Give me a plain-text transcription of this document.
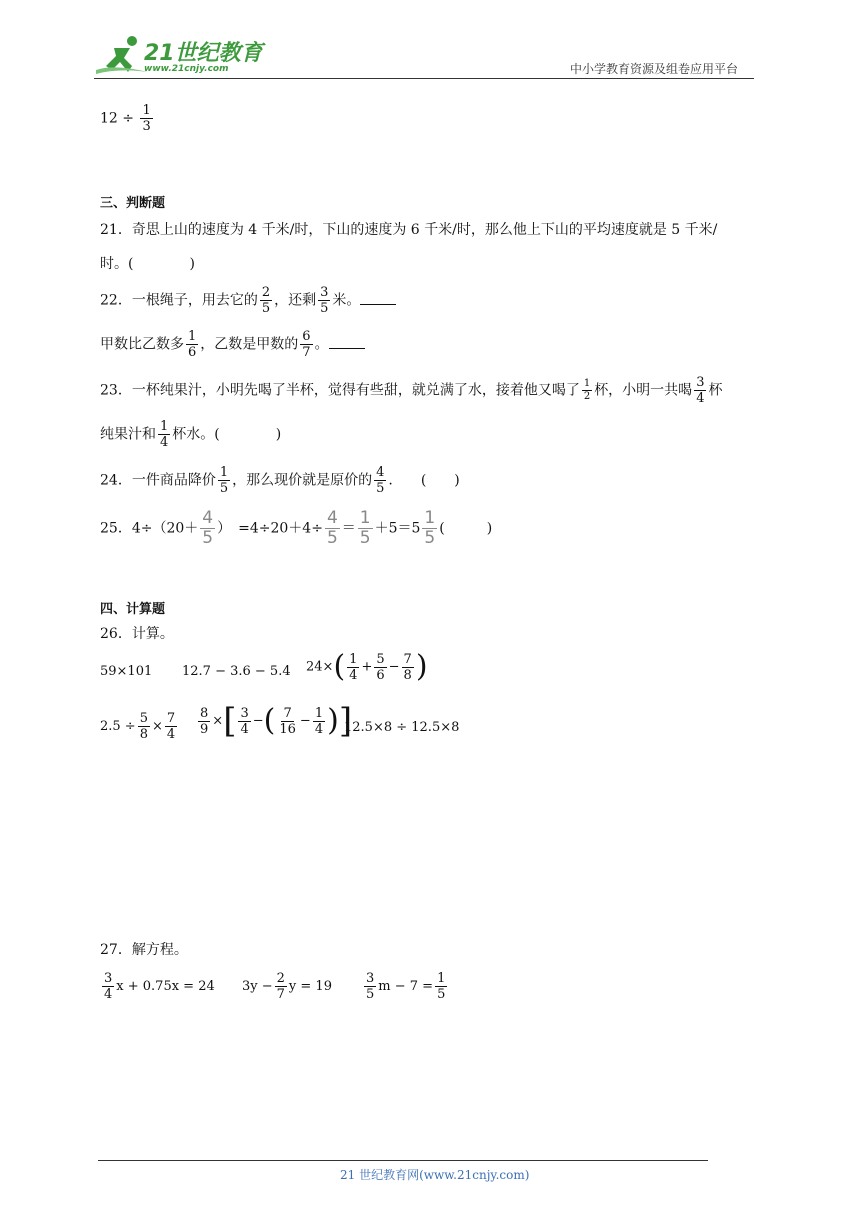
21世纪教育
www.21cnjy.com	中小学教育资源及组卷应用平台
$12 \div \frac{1}{3}$
三、判断题
21．奇思上山的速度为 4 千米/时，下山的速度为 6 千米/时，那么他上下山的平均速度就是 5 千米/
时。(　　　　)
22．一根绳子，用去它的 $\frac{2}{5}$ ，还剩 $\frac{3}{5}$ 米。
甲数比乙数多 $\frac{1}{6}$ ，乙数是甲数的 $\frac{6}{7}$ 。
23．一杯纯果汁，小明先喝了半杯，觉得有些甜，就兑满了水，接着他又喝了 $\frac{1}{2}$ 杯，小明一共喝 $\frac{3}{4}$ 杯
纯果汁和 $\frac{1}{4}$ 杯水。(　　　　)
24．一件商品降价 $\frac{1}{5}$ ，那么现价就是原价的 $\frac{4}{5}$ .　　(　　)
25．$4\div(20+ \frac{4}{5}$ ）　$=4\div 20+4\div \frac{4}{5} = \frac{1}{5} +5=5 \frac{1}{5}$ (　　　)
四、计算题
26．计算。
59×101 12.7 − 3.6 − 5.4 $24\times( \frac{1}{4} + \frac{5}{6} - \frac{7}{8}$ )
$2.5 \div \frac{5}{8} \times \frac{7}{4} \frac{8}{9}$ ×[ $\frac{3}{4}$ −( $\frac{7}{16} - \frac{1}{4}$ )]
12.5×8 ÷ 12.5×8
27．解方程。
$\frac{3}{4}$ x + 0.75x = 24 $3y - \frac{2}{7}$ $y = 19 \frac{3}{5}$ $m - 7 = \frac{1}{5}$
21 世纪教育网(www.21cnjy.com)
